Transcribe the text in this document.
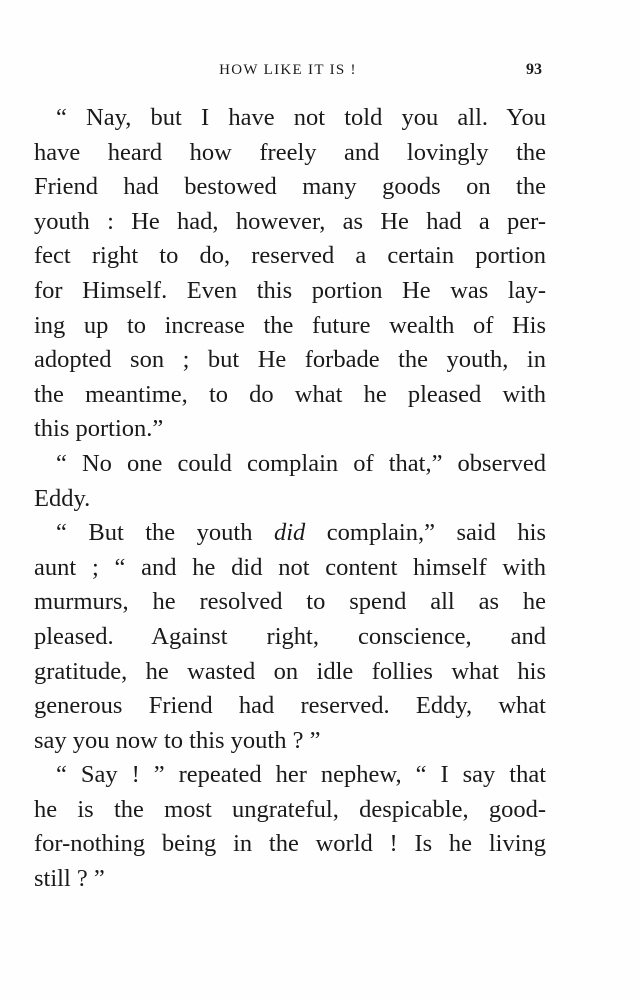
HOW LIKE IT IS !	93
“ Nay, but I have not told you all. You
have heard how freely and lovingly the
Friend had bestowed many goods on the
youth : He had, however, as He had a per-
fect right to do, reserved a certain portion
for Himself. Even this portion He was lay-
ing up to increase the future wealth of His
adopted son ; but He forbade the youth, in
the meantime, to do what he pleased with
this portion.”
“ No one could complain of that,” observed
Eddy.
“ But the youth did complain,” said his
aunt ; “ and he did not content himself with
murmurs, he resolved to spend all as he
pleased. Against right, conscience, and
gratitude, he wasted on idle follies what his
generous Friend had reserved. Eddy, what
say you now to this youth ? ”
“ Say ! ” repeated her nephew, “ I say that
he is the most ungrateful, despicable, good-
for-nothing being in the world ! Is he living
still ? ”
